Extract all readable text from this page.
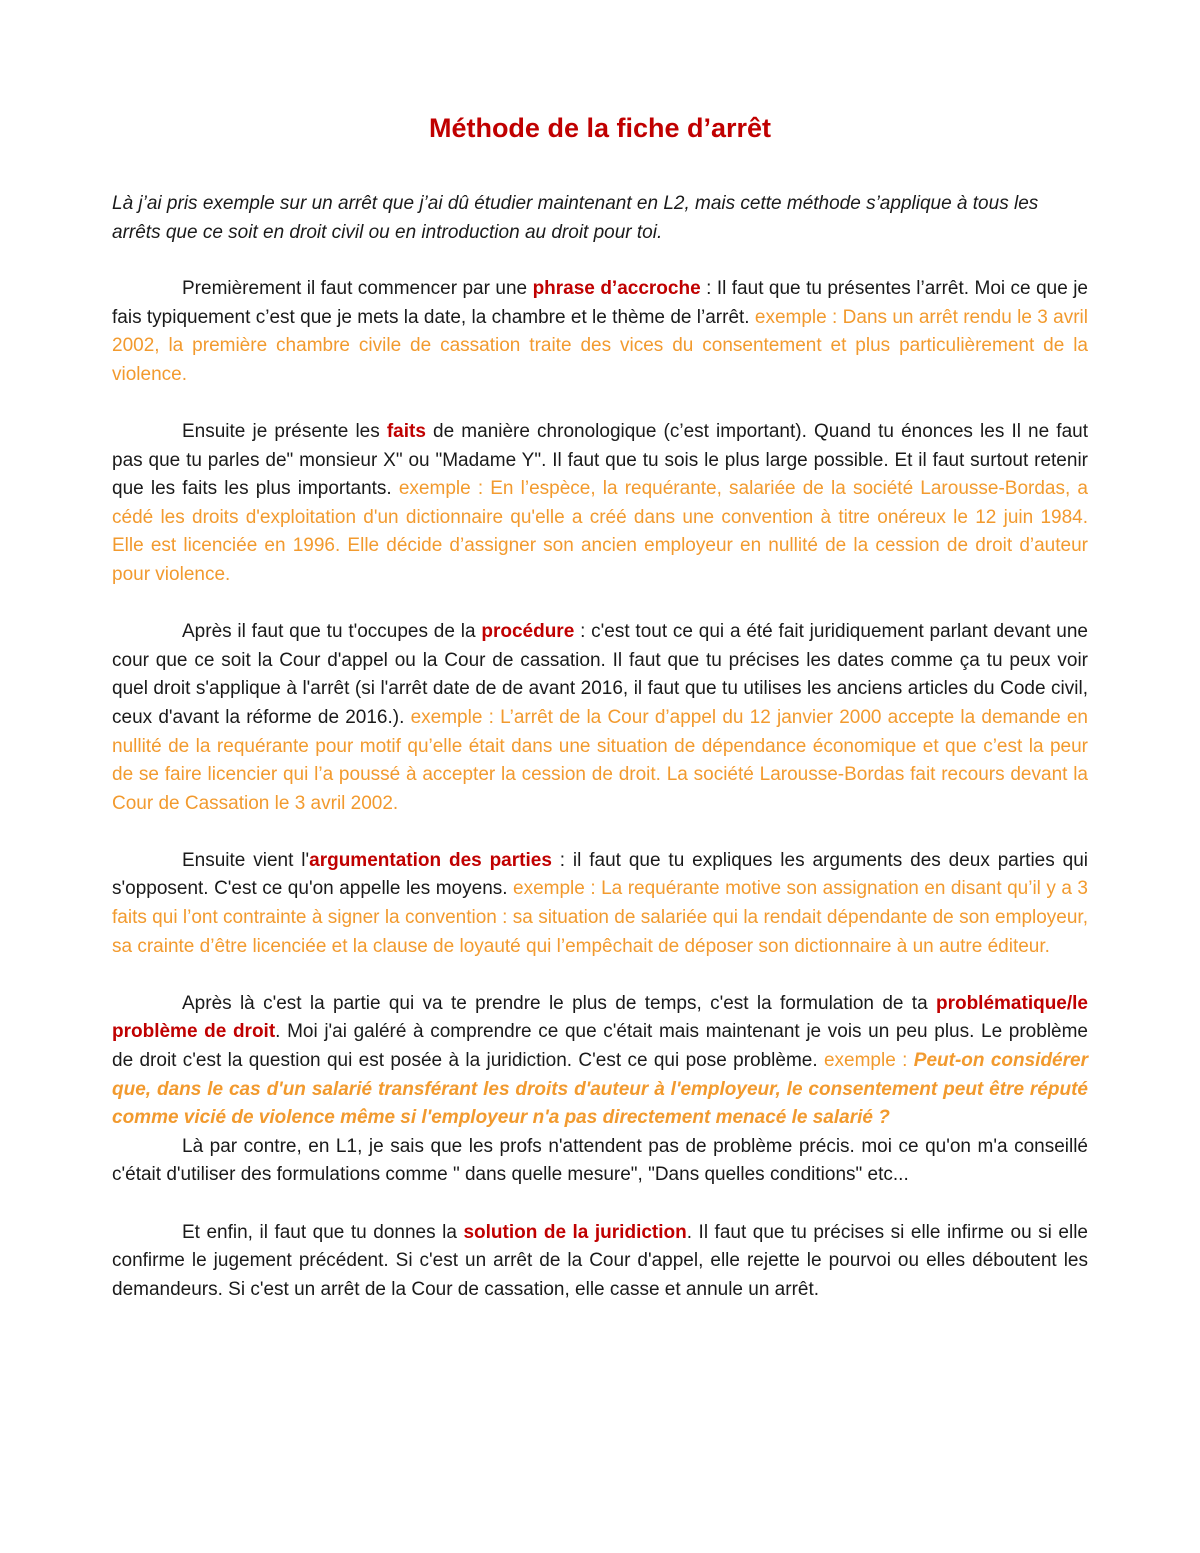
Méthode de la fiche d’arrêt

Là j’ai pris exemple sur un arrêt que j’ai dû étudier maintenant en L2, mais cette méthode s’applique à tous les arrêts que ce soit en droit civil ou en introduction au droit pour toi.

Premièrement il faut commencer par une phrase d’accroche : Il faut que tu présentes l’arrêt. Moi ce que je fais typiquement c’est que je mets la date, la chambre et le thème de l’arrêt. exemple : Dans un arrêt rendu le 3 avril 2002, la première chambre civile de cassation traite des vices du consentement et plus particulièrement de la violence.

Ensuite je présente les faits de manière chronologique (c’est important). Quand tu énonces les Il ne faut pas que tu parles de" monsieur X" ou "Madame Y". Il faut que tu sois le plus large possible. Et il faut surtout retenir que les faits les plus importants. exemple : En l’espèce, la requérante, salariée de la société Larousse-Bordas, a cédé les droits d'exploitation d'un dictionnaire qu'elle a créé dans une convention à titre onéreux le 12 juin 1984. Elle est licenciée en 1996. Elle décide d’assigner son ancien employeur en nullité de la cession de droit d’auteur pour violence.

Après il faut que tu t'occupes de la procédure : c'est tout ce qui a été fait juridiquement parlant devant une cour que ce soit la Cour d'appel ou la Cour de cassation. Il faut que tu précises les dates comme ça tu peux voir quel droit s'applique à l'arrêt (si l'arrêt date de de avant 2016, il faut que tu utilises les anciens articles du Code civil, ceux d'avant la réforme de 2016.). exemple : L’arrêt de la Cour d’appel du 12 janvier 2000 accepte la demande en nullité de la requérante pour motif qu’elle était dans une situation de dépendance économique et que c’est la peur de se faire licencier qui l’a poussé à accepter la cession de droit. La société Larousse-Bordas fait recours devant la Cour de Cassation le 3 avril 2002.

Ensuite vient l'argumentation des parties : il faut que tu expliques les arguments des deux parties qui s'opposent. C'est ce qu'on appelle les moyens. exemple : La requérante motive son assignation en disant qu’il y a 3 faits qui l’ont contrainte à signer la convention : sa situation de salariée qui la rendait dépendante de son employeur, sa crainte d’être licenciée et la clause de loyauté qui l’empêchait de déposer son dictionnaire à un autre éditeur.

Après là c'est la partie qui va te prendre le plus de temps, c'est la formulation de ta problématique/le problème de droit. Moi j'ai galéré à comprendre ce que c'était mais maintenant je vois un peu plus. Le problème de droit c'est la question qui est posée à la juridiction. C'est ce qui pose problème. exemple : Peut-on considérer que, dans le cas d'un salarié transférant les droits d'auteur à l'employeur, le consentement peut être réputé comme vicié de violence même si l'employeur n'a pas directement menacé le salarié ?

Là par contre, en L1, je sais que les profs n'attendent pas de problème précis. moi ce qu'on m'a conseillé c'était d'utiliser des formulations comme " dans quelle mesure", "Dans quelles conditions" etc...

Et enfin, il faut que tu donnes la solution de la juridiction. Il faut que tu précises si elle infirme ou si elle confirme le jugement précédent. Si c'est un arrêt de la Cour d'appel, elle rejette le pourvoi ou elles déboutent les demandeurs. Si c'est un arrêt de la Cour de cassation, elle casse et annule un arrêt.
